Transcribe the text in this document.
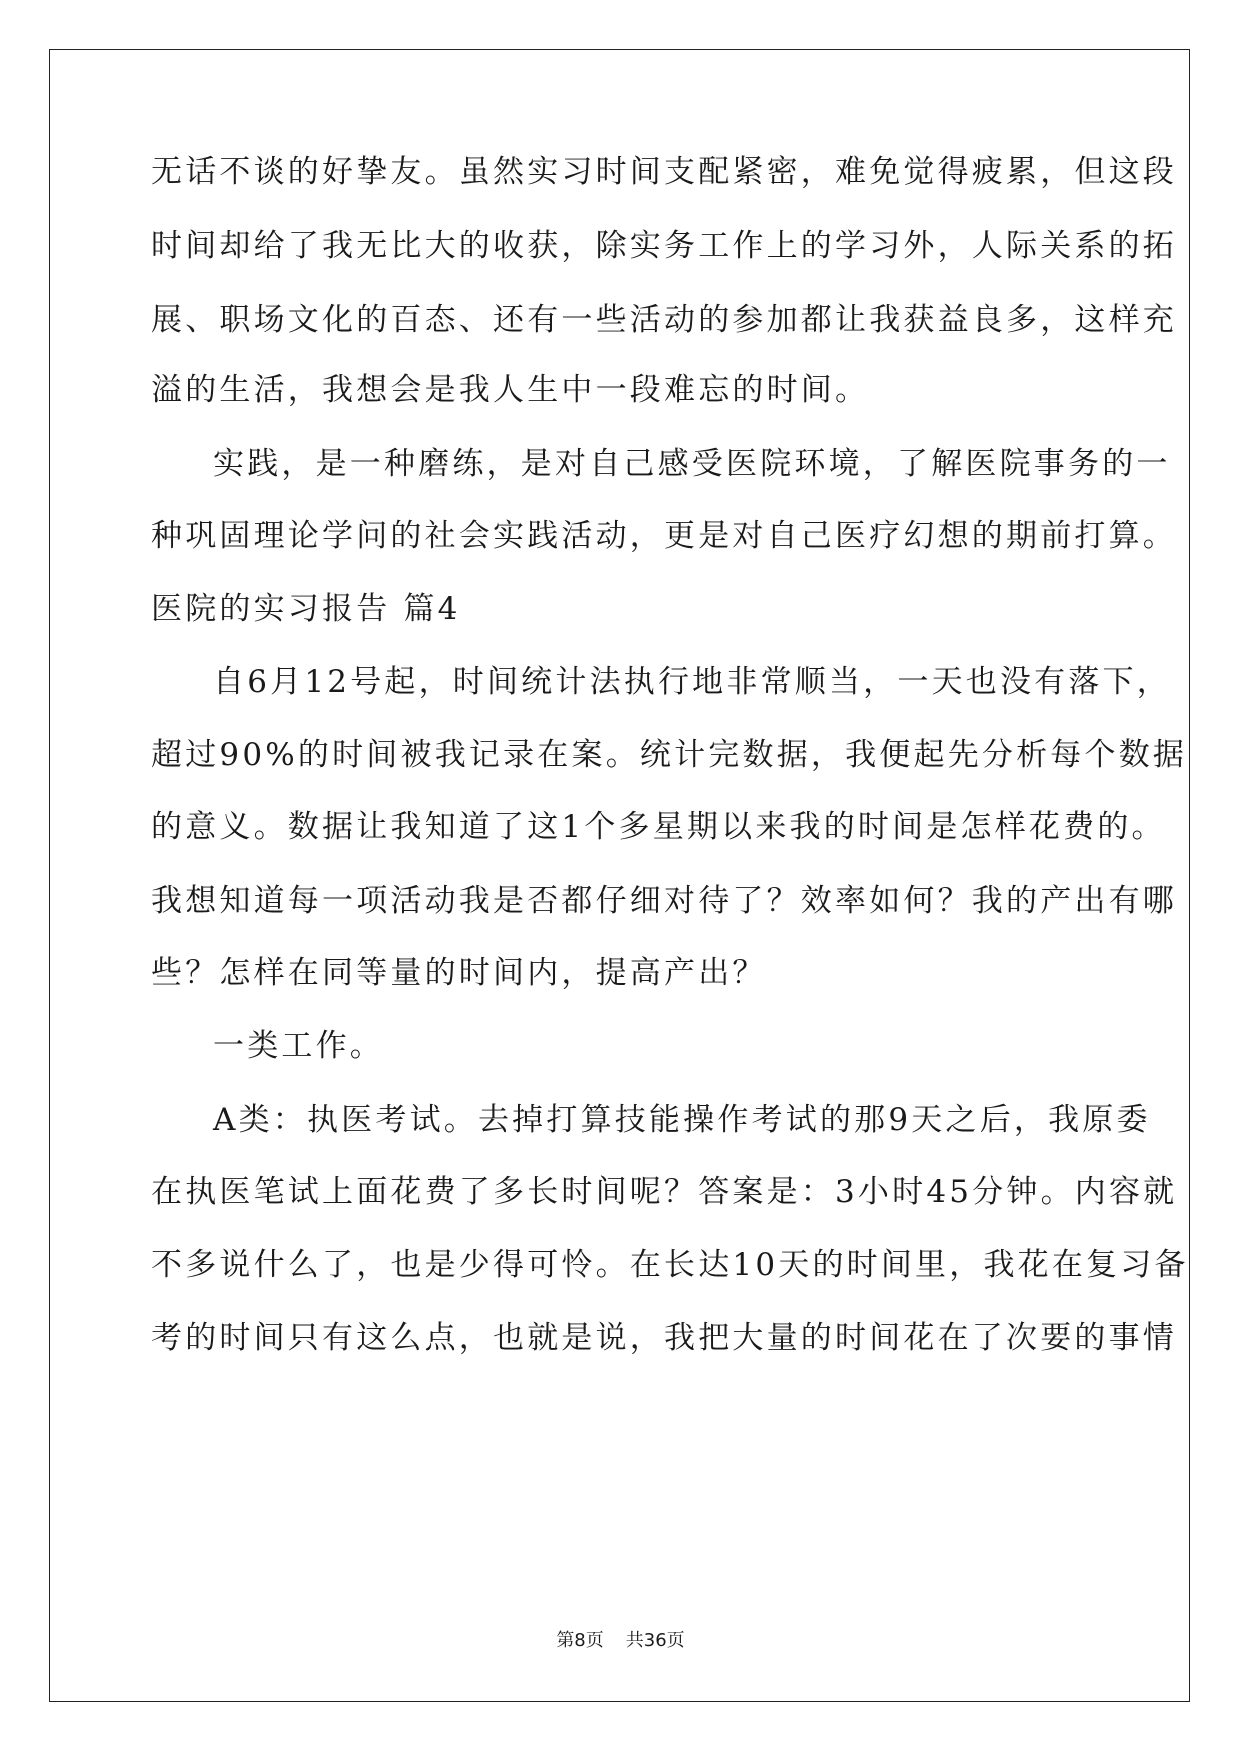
无话不谈的好挚友。虽然实习时间支配紧密，难免觉得疲累，但这段
时间却给了我无比大的收获，除实务工作上的学习外，人际关系的拓
展、职场文化的百态、还有一些活动的参加都让我获益良多，这样充
溢的生活，我想会是我人生中一段难忘的时间。
实践，是一种磨练，是对自己感受医院环境，了解医院事务的一
种巩固理论学问的社会实践活动，更是对自己医疗幻想的期前打算。
医院的实习报告 篇4
自6月12号起，时间统计法执行地非常顺当，一天也没有落下，
超过90%的时间被我记录在案。统计完数据，我便起先分析每个数据
的意义。数据让我知道了这1个多星期以来我的时间是怎样花费的。
我想知道每一项活动我是否都仔细对待了？效率如何？我的产出有哪
些？怎样在同等量的时间内，提高产出？
一类工作。
A类：执医考试。去掉打算技能操作考试的那9天之后，我原委
在执医笔试上面花费了多长时间呢？答案是：3小时45分钟。内容就
不多说什么了，也是少得可怜。在长达10天的时间里，我花在复习备
考的时间只有这么点，也就是说，我把大量的时间花在了次要的事情
第8页 共36页
